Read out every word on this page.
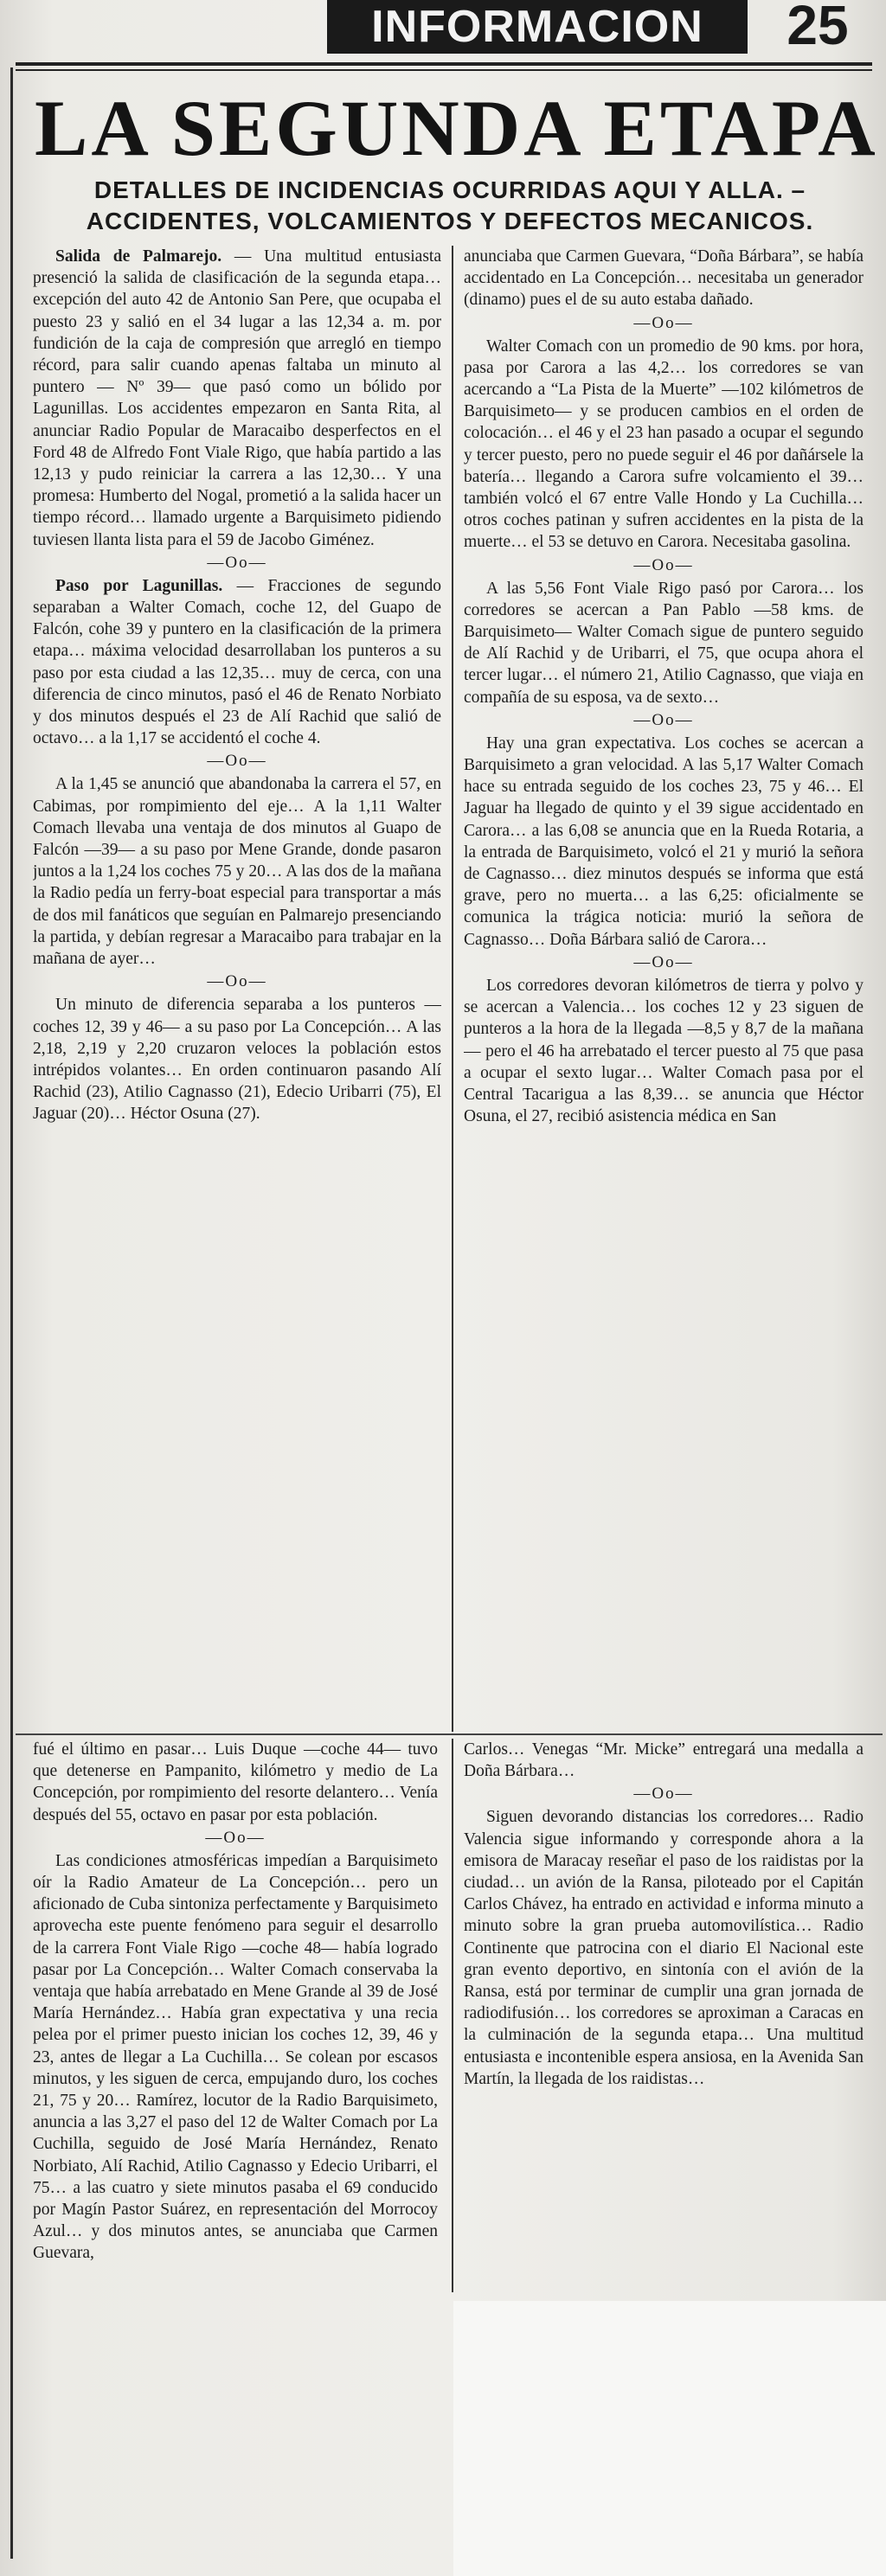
INFORMACION	25
LA SEGUNDA ETAPA
DETALLES DE INCIDENCIAS OCURRIDAS AQUI Y ALLA. – ACCIDENTES, VOLCAMIENTOS Y DEFECTOS MECANICOS.

Salida de Palmarejo. — Una multitud entusiasta presenció la salida de clasificación de la segunda etapa… excepción del auto 42 de Antonio San Pere, que ocupaba el puesto 23 y salió en el 34 lugar a las 12,34 a. m. por fundición de la caja de compresión que arregló en tiempo récord, para salir cuando apenas faltaba un minuto al puntero — Nº 39— que pasó como un bólido por Lagunillas. Los accidentes empezaron en Santa Rita, al anunciar Radio Popular de Maracaibo desperfectos en el Ford 48 de Alfredo Font Viale Rigo, que había partido a las 12,13 y pudo reiniciar la carrera a las 12,30… Y una promesa: Humberto del Nogal, prometió a la salida hacer un tiempo récord… llamado urgente a Barquisimeto pidiendo tuviesen llanta lista para el 59 de Jacobo Giménez.

—Oo—

Paso por Lagunillas. — Fracciones de segundo separaban a Walter Comach, coche 12, del Guapo de Falcón, cohe 39 y puntero en la clasificación de la primera etapa… máxima velocidad desarrollaban los punteros a su paso por esta ciudad a las 12,35… muy de cerca, con una diferencia de cinco minutos, pasó el 46 de Renato Norbiato y dos minutos después el 23 de Alí Rachid que salió de octavo… a la 1,17 se accidentó el coche 4.

—Oo—

A la 1,45 se anunció que abandonaba la carrera el 57, en Cabimas, por rompimiento del eje… A la 1,11 Walter Comach llevaba una ventaja de dos minutos al Guapo de Falcón —39— a su paso por Mene Grande, donde pasaron juntos a la 1,24 los coches 75 y 20… A las dos de la mañana la Radio pedía un ferry-boat especial para transportar a más de dos mil fanáticos que seguían en Palmarejo presenciando la partida, y debían regresar a Maracaibo para trabajar en la mañana de ayer…

—Oo—

Un minuto de diferencia separaba a los punteros —coches 12, 39 y 46— a su paso por La Concepción… A las 2,18, 2,19 y 2,20 cruzaron veloces la población estos intrépidos volantes… En orden continuaron pasando Alí Rachid (23), Atilio Cagnasso (21), Edecio Uribarri (75), El Jaguar (20)… Héctor Osuna (27).

anunciaba que Carmen Guevara, “Doña Bárbara”, se había accidentado en La Concepción… necesitaba un generador (dinamo) pues el de su auto estaba dañado.

—Oo—

Walter Comach con un promedio de 90 kms. por hora, pasa por Carora a las 4,2… los corredores se van acercando a “La Pista de la Muerte” —102 kilómetros de Barquisimeto— y se producen cambios en el orden de colocación… el 46 y el 23 han pasado a ocupar el segundo y tercer puesto, pero no puede seguir el 46 por dañársele la batería… llegando a Carora sufre volcamiento el 39… también volcó el 67 entre Valle Hondo y La Cuchilla… otros coches patinan y sufren accidentes en la pista de la muerte… el 53 se detuvo en Carora. Necesitaba gasolina.

—Oo—

A las 5,56 Font Viale Rigo pasó por Carora… los corredores se acercan a Pan Pablo —58 kms. de Barquisimeto— Walter Comach sigue de puntero seguido de Alí Rachid y de Uribarri, el 75, que ocupa ahora el tercer lugar… el número 21, Atilio Cagnasso, que viaja en compañía de su esposa, va de sexto…

—Oo—

Hay una gran expectativa. Los coches se acercan a Barquisimeto a gran velocidad. A las 5,17 Walter Comach hace su entrada seguido de los coches 23, 75 y 46… El Jaguar ha llegado de quinto y el 39 sigue accidentado en Carora… a las 6,08 se anuncia que en la Rueda Rotaria, a la entrada de Barquisimeto, volcó el 21 y murió la señora de Cagnasso… diez minutos después se informa que está grave, pero no muerta… a las 6,25: oficialmente se comunica la trágica noticia: murió la señora de Cagnasso… Doña Bárbara salió de Carora…

—Oo—

Los corredores devoran kilómetros de tierra y polvo y se acercan a Valencia… los coches 12 y 23 siguen de punteros a la hora de la llegada —8,5 y 8,7 de la mañana— pero el 46 ha arrebatado el tercer puesto al 75 que pasa a ocupar el sexto lugar… Walter Comach pasa por el Central Tacarigua a las 8,39… se anuncia que Héctor Osuna, el 27, recibió asistencia médica en San

fué el último en pasar… Luis Duque —coche 44— tuvo que detenerse en Pampanito, kilómetro y medio de La Concepción, por rompimiento del resorte delantero… Venía después del 55, octavo en pasar por esta población.

—Oo—

Las condiciones atmosféricas impedían a Barquisimeto oír la Radio Amateur de La Concepción… pero un aficionado de Cuba sintoniza perfectamente y Barquisimeto aprovecha este puente fenómeno para seguir el desarrollo de la carrera Font Viale Rigo —coche 48— había logrado pasar por La Concepción… Walter Comach conservaba la ventaja que había arrebatado en Mene Grande al 39 de José María Hernández… Había gran expectativa y una recia pelea por el primer puesto inician los coches 12, 39, 46 y 23, antes de llegar a La Cuchilla… Se colean por escasos minutos, y les siguen de cerca, empujando duro, los coches 21, 75 y 20… Ramírez, locutor de la Radio Barquisimeto, anuncia a las 3,27 el paso del 12 de Walter Comach por La Cuchilla, seguido de José María Hernández, Renato Norbiato, Alí Rachid, Atilio Cagnasso y Edecio Uribarri, el 75… a las cuatro y siete minutos pasaba el 69 conducido por Magín Pastor Suárez, en representación del Morrocoy Azul… y dos minutos antes, se anunciaba que Carmen Guevara,

Carlos… Venegas “Mr. Micke” entregará una medalla a Doña Bárbara…

—Oo—

Siguen devorando distancias los corredores… Radio Valencia sigue informando y corresponde ahora a la emisora de Maracay reseñar el paso de los raidistas por la ciudad… un avión de la Ransa, piloteado por el Capitán Carlos Chávez, ha entrado en actividad e informa minuto a minuto sobre la gran prueba automovilística… Radio Continente que patrocina con el diario El Nacional este gran evento deportivo, en sintonía con el avión de la Ransa, está por terminar de cumplir una gran jornada de radiodifusión… los corredores se aproximan a Caracas en la culminación de la segunda etapa… Una multitud entusiasta e incontenible espera ansiosa, en la Avenida San Martín, la llegada de los raidistas…
